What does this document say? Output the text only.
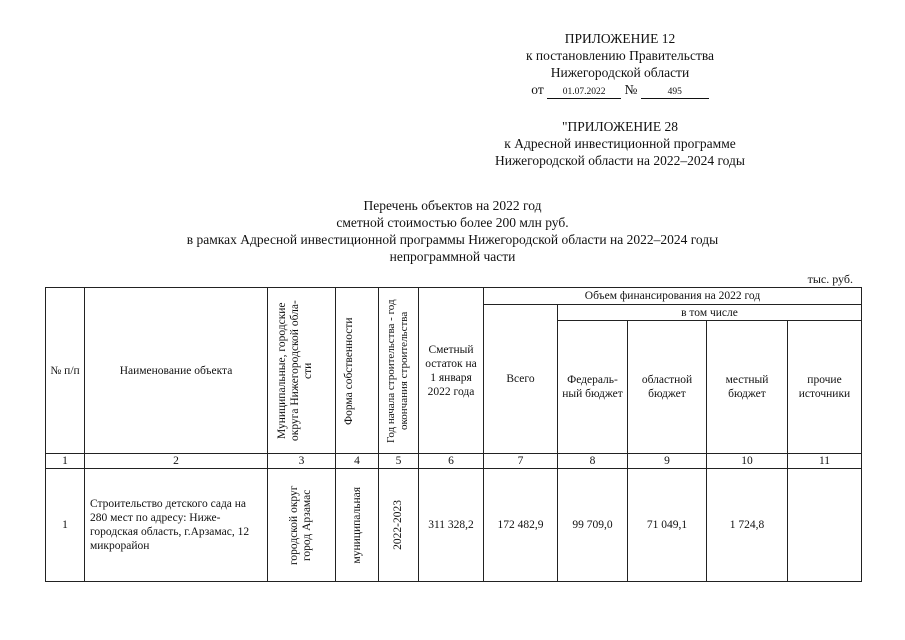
ПРИЛОЖЕНИЕ 12
к постановлению Правительства
Нижегородской области
от 01.07.2022 №	495
"ПРИЛОЖЕНИЕ 28
к Адресной инвестиционной программе
Нижегородской области на 2022–2024 годы
Перечень объектов на 2022 год
сметной стоимостью более 200 млн руб.
в рамках Адресной инвестиционной программы Нижегородской области на 2022–2024 годы
непрограммной части
тыс. руб.
№ п/п	Наименование объекта	Муниципальные, городские округа Нижегородской обла-сти	Форма собственности	Год начала строительства - год окончания строительства	Сметный остаток на 1 января 2022 года	Объем финансирования на 2022 год				
						Всего	в том числе			
							Федераль-ный бюджет	областной бюджет	местный бюджет	прочие источники
1	2	3	4	5	6	7	8	9	10	11
1	Строительство детского сада на 280 мест по адресу: Ниже-городская область, г.Арзамас, 12 микрорайон	городской округ город Арзамас	муниципальная	2022-2023	311 328,2	172 482,9	99 709,0	71 049,1	1 724,8	
